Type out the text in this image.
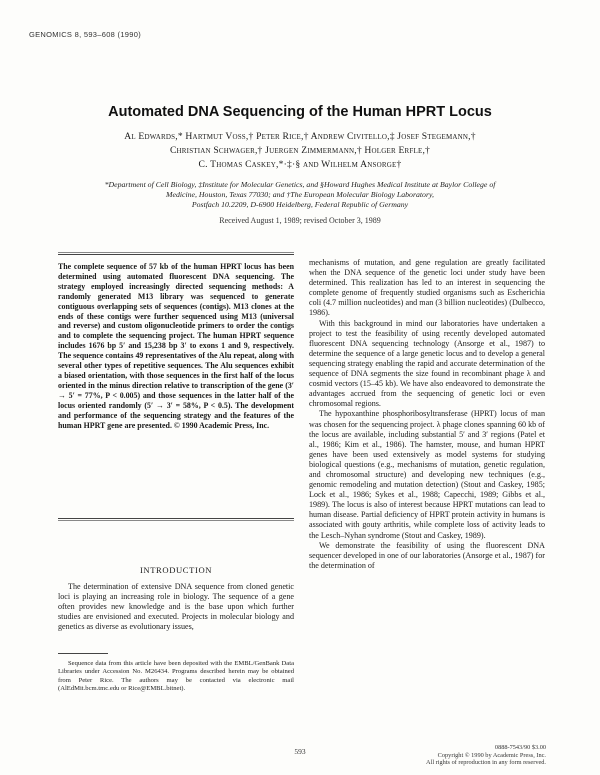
GENOMICS 8, 593–608 (1990)
Automated DNA Sequencing of the Human HPRT Locus
Al Edwards,* Hartmut Voss,† Peter Rice,† Andrew Civitello,‡ Josef Stegemann,†
Christian Schwager,† Juergen Zimmermann,† Holger Erfle,†
C. Thomas Caskey,*·‡·§ and Wilhelm Ansorge†
*Department of Cell Biology, ‡Institute for Molecular Genetics, and §Howard Hughes Medical Institute at Baylor College of
Medicine, Houston, Texas 77030; and †The European Molecular Biology Laboratory,
Postfach 10.2209, D-6900 Heidelberg, Federal Republic of Germany
Received August 1, 1989; revised October 3, 1989

The complete sequence of 57 kb of the human HPRT locus has been determined using automated fluorescent DNA sequencing. The strategy employed increasingly directed sequencing methods: A randomly generated M13 library was sequenced to generate contiguous overlapping sets of sequences (contigs). M13 clones at the ends of these contigs were further sequenced using M13 (universal and reverse) and custom oligonucleotide primers to order the contigs and to complete the sequencing project. The human HPRT sequence includes 1676 bp 5′ and 15,238 bp 3′ to exons 1 and 9, respectively. The sequence contains 49 representatives of the Alu repeat, along with several other types of repetitive sequences. The Alu sequences exhibit a biased orientation, with those sequences in the first half of the locus oriented in the minus direction relative to transcription of the gene (3′ → 5′ = 77%, P < 0.005) and those sequences in the latter half of the locus oriented randomly (5′ → 3′ = 58%, P < 0.5). The development and performance of the sequencing strategy and the features of the human HPRT gene are presented. © 1990 Academic Press, Inc.

INTRODUCTION

The determination of extensive DNA sequence from cloned genetic loci is playing an increasing role in biology. The sequence of a gene often provides new knowledge and is the base upon which further studies are envisioned and executed. Projects in molecular biology and genetics as diverse as evolutionary issues,

Sequence data from this article have been deposited with the EMBL/GenBank Data Libraries under Accession No. M26434. Programs described herein may be obtained from Peter Rice. The authors may be contacted via electronic mail (AlEdMit.bcm.tmc.edu or Rice@EMBL.bitnet).

mechanisms of mutation, and gene regulation are greatly facilitated when the DNA sequence of the genetic loci under study have been determined. This realization has led to an interest in sequencing the complete genome of frequently studied organisms such as Escherichia coli (4.7 million nucleotides) and man (3 billion nucleotides) (Dulbecco, 1986).

With this background in mind our laboratories have undertaken a project to test the feasibility of using recently developed automated fluorescent DNA sequencing technology (Ansorge et al., 1987) to determine the sequence of a large genetic locus and to develop a general sequencing strategy enabling the rapid and accurate determination of the sequence of DNA segments the size found in recombinant phage λ and cosmid vectors (15–45 kb). We have also endeavored to demonstrate the advantages accrued from the sequencing of genetic loci or even chromosomal regions.

The hypoxanthine phosphoribosyltransferase (HPRT) locus of man was chosen for the sequencing project. λ phage clones spanning 60 kb of the locus are available, including substantial 5′ and 3′ regions (Patel et al., 1986; Kim et al., 1986). The hamster, mouse, and human HPRT genes have been used extensively as model systems for studying biological questions (e.g., mechanisms of mutation, genetic regulation, and chromosomal structure) and developing new techniques (e.g., genomic remodeling and mutation detection) (Stout and Caskey, 1985; Lock et al., 1986; Sykes et al., 1988; Capecchi, 1989; Gibbs et al., 1989). The locus is also of interest because HPRT mutations can lead to human disease. Partial deficiency of HPRT protein activity in humans is associated with gouty arthritis, while complete loss of activity leads to the Lesch–Nyhan syndrome (Stout and Caskey, 1989).

We demonstrate the feasibility of using the fluorescent DNA sequencer developed in one of our laboratories (Ansorge et al., 1987) for the determination of

593	0888-7543/90 $3.00
Copyright © 1990 by Academic Press, Inc.
All rights of reproduction in any form reserved.
